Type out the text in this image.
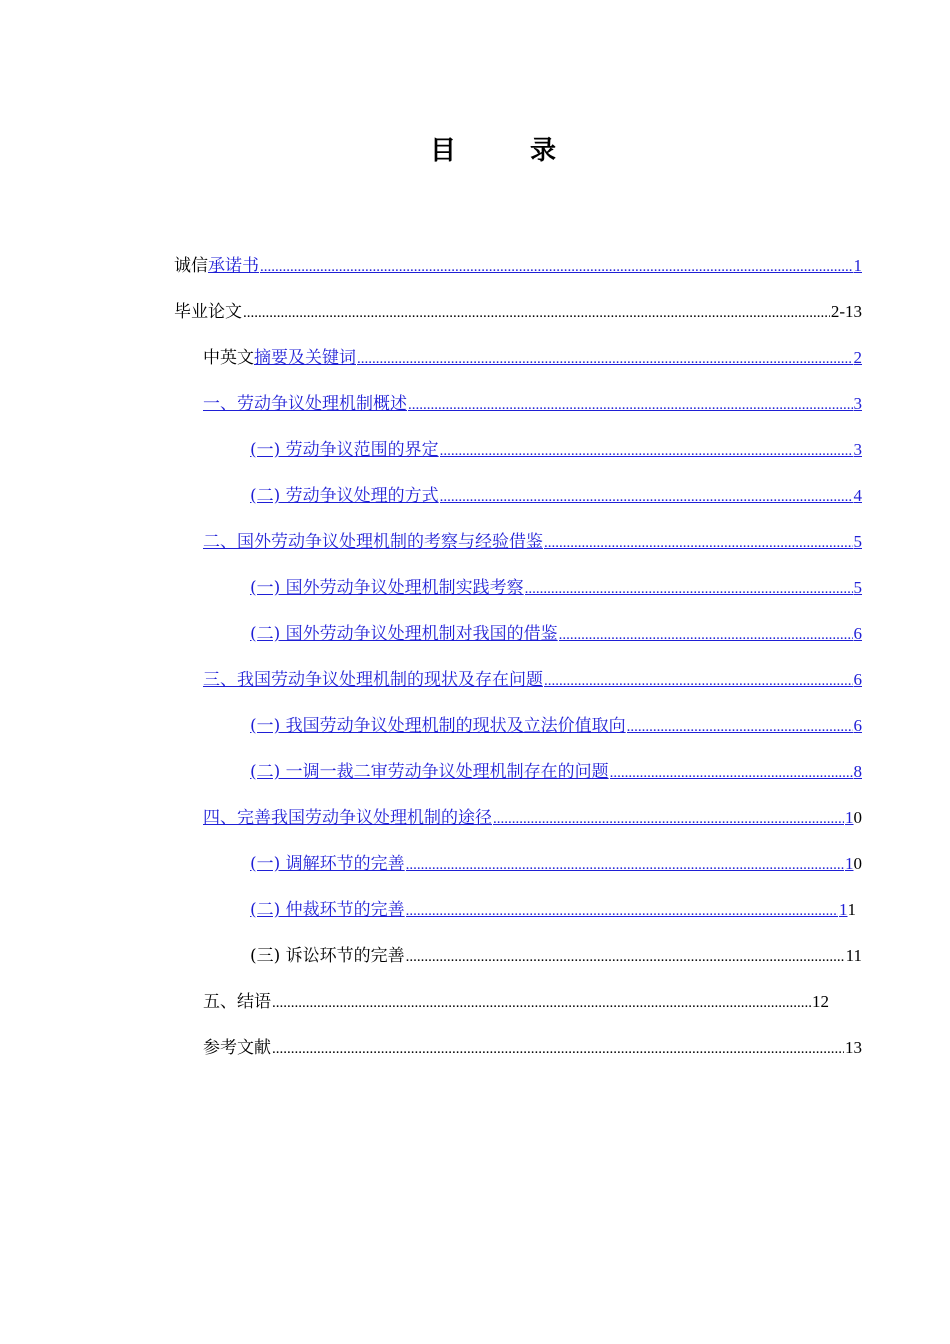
目　录
诚信 承诺书 .....	1
毕业论文 .....	2-13
中英文 摘要及关键词 .....	2
一、劳动争议处理机制概述 .....	3
(一) 劳动争议范围的界定 .....	3
(二) 劳动争议处理的方式 .....	4
二、国外劳动争议处理机制的考察与经验借鉴 .....	5
(一) 国外劳动争议处理机制实践考察 .....	5
(二) 国外劳动争议处理机制对我国的借鉴 .....	6
三、我国劳动争议处理机制的现状及存在问题 .....	6
(一) 我国劳动争议处理机制的现状及立法价值取向 .....	6
(二) 一调一裁二审劳动争议处理机制存在的问题 .....	8
四、完善我国劳动争议处理机制的途径 .....	1 0
(一) 调解环节的完善 .....	1 0
(二) 仲裁环节的完善 .....	1 1
(三) 诉讼环节的完善 .....	11
五、结语 .....	12
参考文献 .....	13
